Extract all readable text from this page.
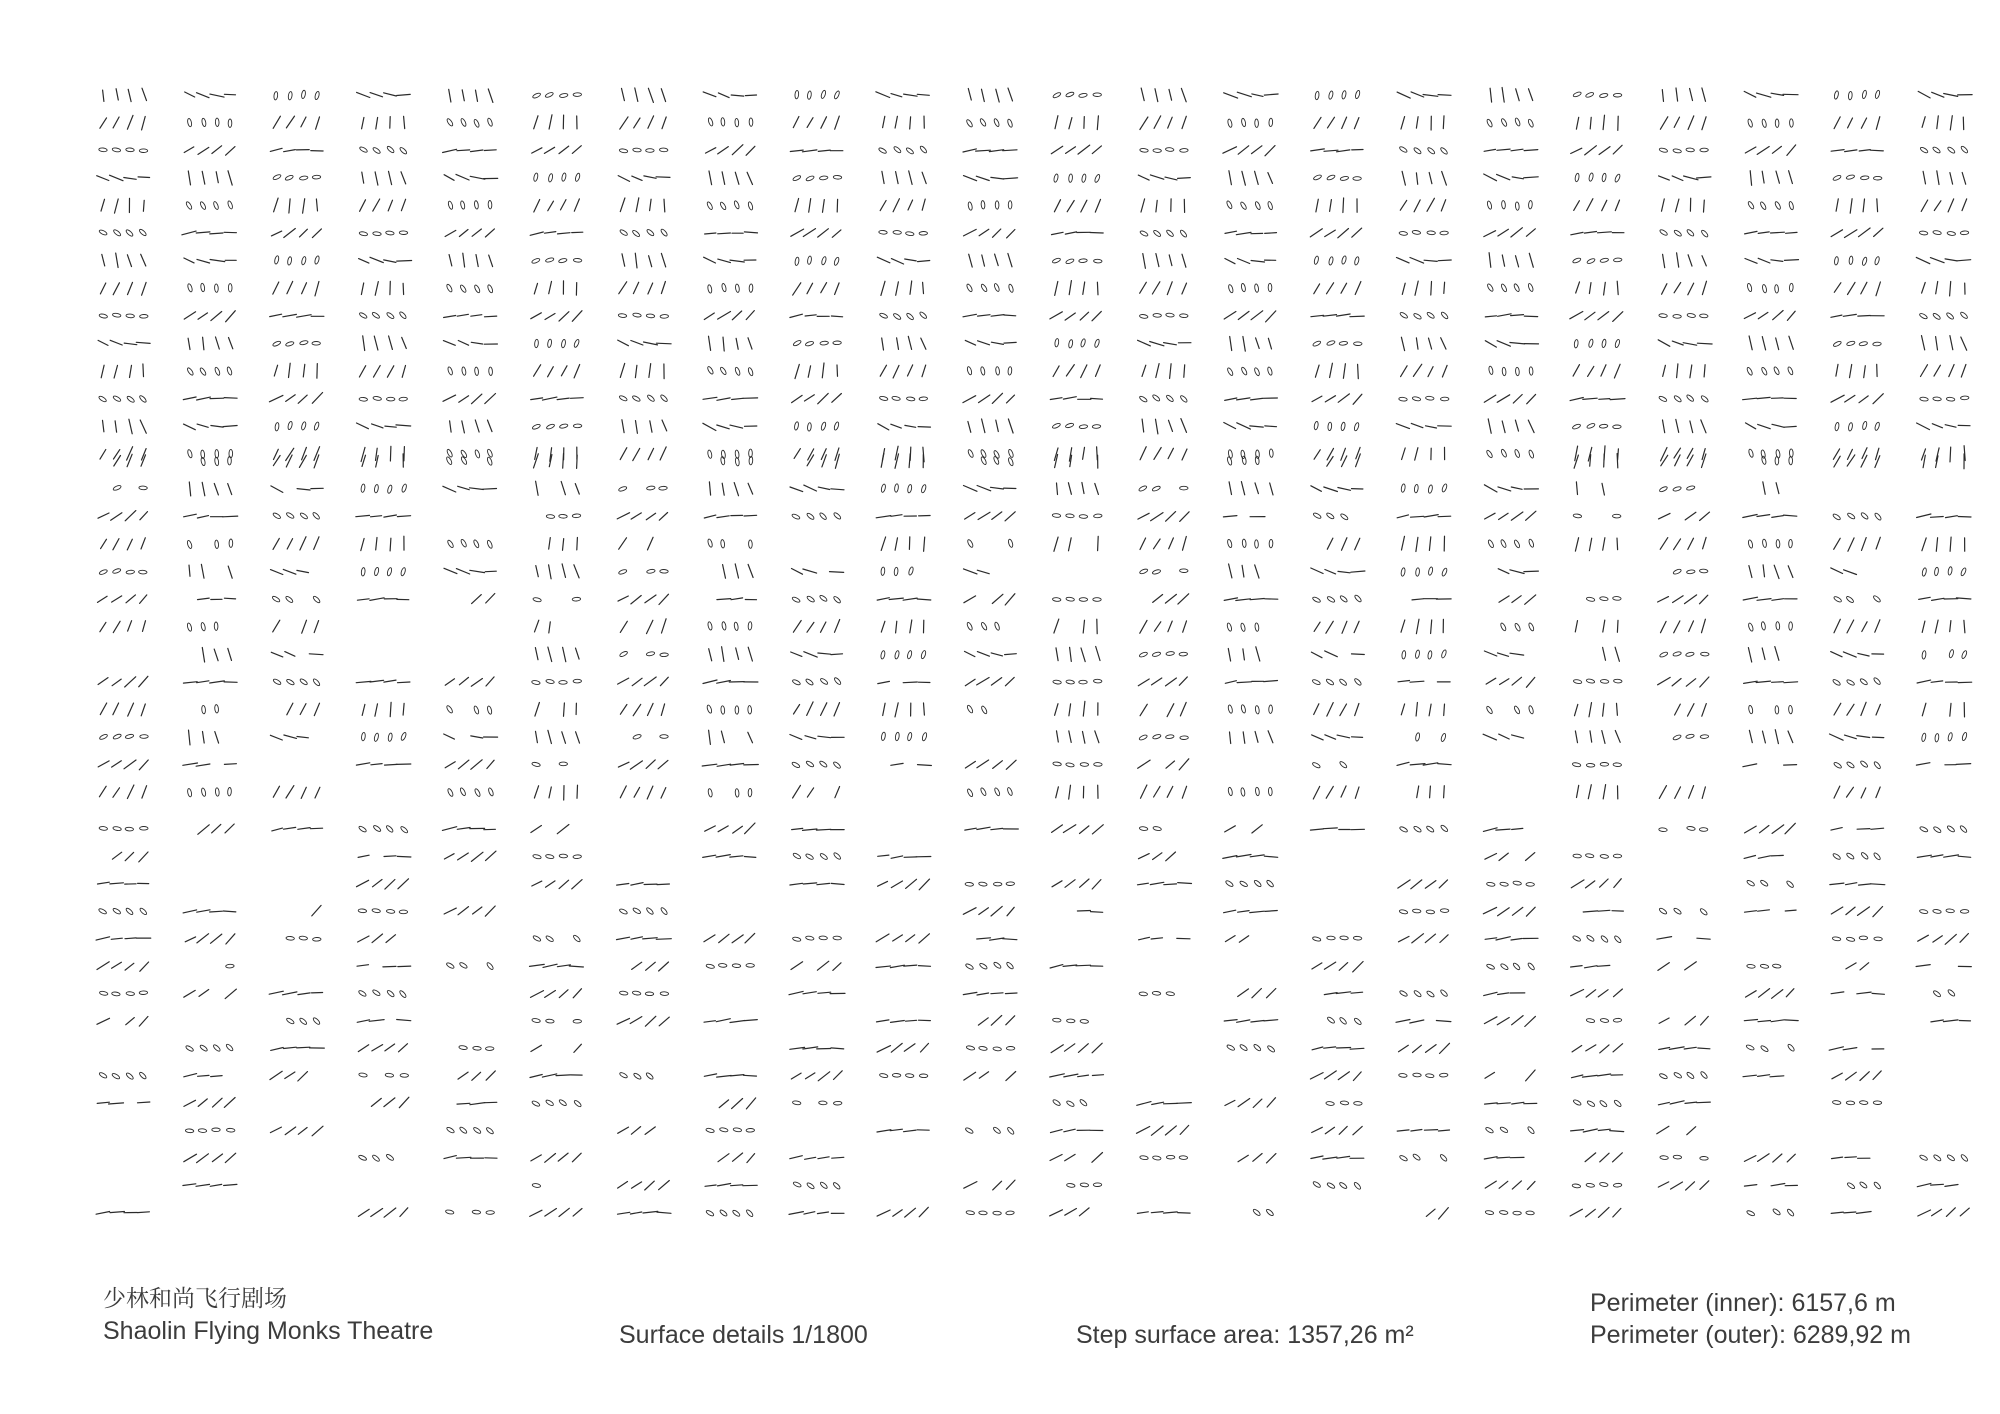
少林和尚飞行剧场
Shaolin Flying Monks Theatre	Surface details 1/1800	Step surface area: 1357,26 m²
Perimeter (inner): 6157,6 m
Perimeter (outer): 6289,92 m
